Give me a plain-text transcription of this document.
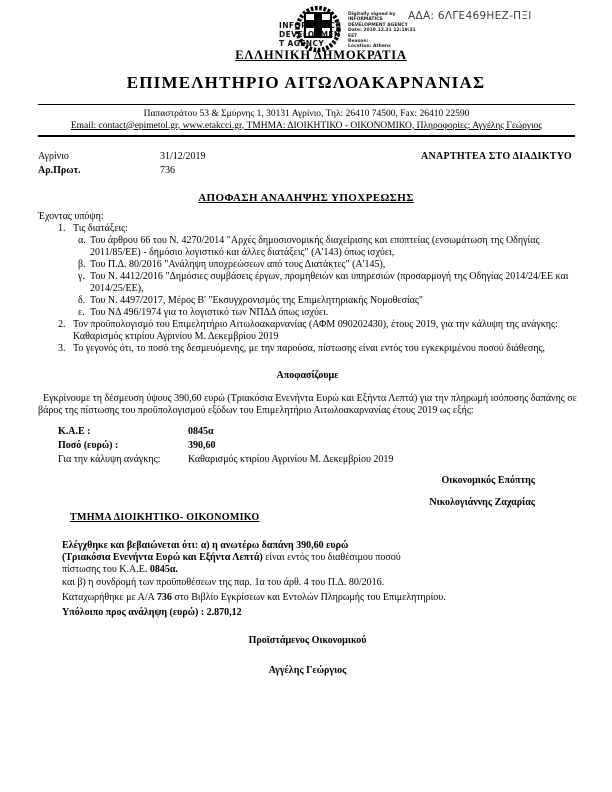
ΑΔΑ: 6ΛΓΕ469ΗΕΖ-ΠΞΙ
INFORMATICS
DEVELOPMEN
T AGENCY
Digitally signed by
INFORMATICS
DEVELOPMENT AGENCY
Date: 2019.12.31 12:19:31
EET
Reason:
Location: Athens
ΕΛΛΗΝΙΚΗ ΔΗΜΟΚΡΑΤΙΑ
ΕΠΙΜΕΛΗΤΗΡΙΟ ΑΙΤΩΛΟΑΚΑΡΝΑΝΙΑΣ
Παπαστράτου 53 & Σμύρνης 1, 30131 Αγρίνιο, Τηλ: 26410 74500, Fax: 26410 22590
Email: contact@epimetol.gr, www.etakcci.gr, ΤΜΗΜΑ: ΔΙΟΙΚΗΤΙΚΟ - ΟΙΚΟΝΟΜΙΚΟ, Πληροφορίες: Αγγέλης Γεώργιος
Αγρίνιο	31/12/2019	ΑΝΑΡΤΗΤΕΑ ΣΤΟ ΔΙΑΔΙΚΤΥΟ
Αρ.Πρωτ.	736
ΑΠΟΦΑΣΗ ΑΝΑΛΗΨΗΣ ΥΠΟΧΡΕΩΣΗΣ
Έχοντας υπόψη:
1. Τις διατάξεις:
α. Του άρθρου 66 του Ν. 4270/2014 "Αρχές δημοσιονομικής διαχείρισης και εποπτείας (ενσωμάτωση της Οδηγίας 2011/85/ΕΕ) - δημόσιο λογιστικό και άλλες διατάξεις" (Α'143) όπως ισχύει,
β. Του Π.Δ. 80/2016 "Ανάληψη υποχρεώσεων από τους Διατάκτες" (Α'145),
γ. Του Ν. 4412/2016 "Δημόσιες συμβάσεις έργων, προμηθειών και υπηρεσιών (προσαρμογή της Οδηγίας 2014/24/ΕΕ και 2014/25/ΕΕ),
δ. Του Ν. 4497/2017, Μέρος Β' "Εκσυγχρονισμός της Επιμελητηριακής Νομοθεσίας"
ε. Του ΝΔ 496/1974 για το λογιστικό των ΝΠΔΔ όπως ισχύει.
2. Τον προϋπολογισμό του Επιμελητήριο Αιτωλοακαρνανίας (ΑΦΜ 090202430), έτους 2019, για την κάλυψη της ανάγκης: Καθαρισμός κτιρίου Αγρινίου Μ. Δεκεμβρίου 2019
3. Το γεγονός ότι, το ποσό της δεσμευόμενης, με την παρούσα, πίστωσης είναι εντός του εγκεκριμένου ποσού διάθεσης,
Αποφασίζουμε
Εγκρίνουμε τη δέσμευση ύψους 390,60 ευρώ (Τριακόσια Ενενήντα Ευρώ και Εξήντα Λεπτά) για την πληρωμή ισόποσης δαπάνης σε βάρος της πίστωσης του προϋπολογισμού εξόδων του Επιμελητήριο Αιτωλοακαρνανίας έτους 2019 ως εξής:
Κ.Α.Ε :	0845α
Ποσό (ευρώ) :	390,60
Για την κάλυψη ανάγκης:	Καθαρισμός κτιρίου Αγρινίου Μ. Δεκεμβρίου 2019
Οικονομικός Επόπτης
Νικολογιάννης Ζαχαρίας
ΤΜΗΜΑ ΔΙΟΙΚΗΤΙΚΟ- ΟΙΚΟΝΟΜΙΚΟ
Ελέγχθηκε και βεβαιώνεται ότι: α) η ανωτέρω δαπάνη 390,60 ευρώ
(Τριακόσια Ενενήντα Ευρώ και Εξήντα Λεπτά) είναι εντός του διαθέσιμου ποσού
πίστωσης του Κ.Α.Ε. 0845α.
και β) η συνδρομή των προϋποθέσεων της παρ. 1α του άρθ. 4 του Π.Δ. 80/2016.
Καταχωρήθηκε με Α/Α 736 στο Βιβλίο Εγκρίσεων και Εντολών Πληρωμής του Επιμελητηρίου.
Υπόλοιπο προς ανάληψη (ευρώ) : 2.870,12
Προϊστάμενος Οικονομικού
Αγγέλης Γεώργιος
